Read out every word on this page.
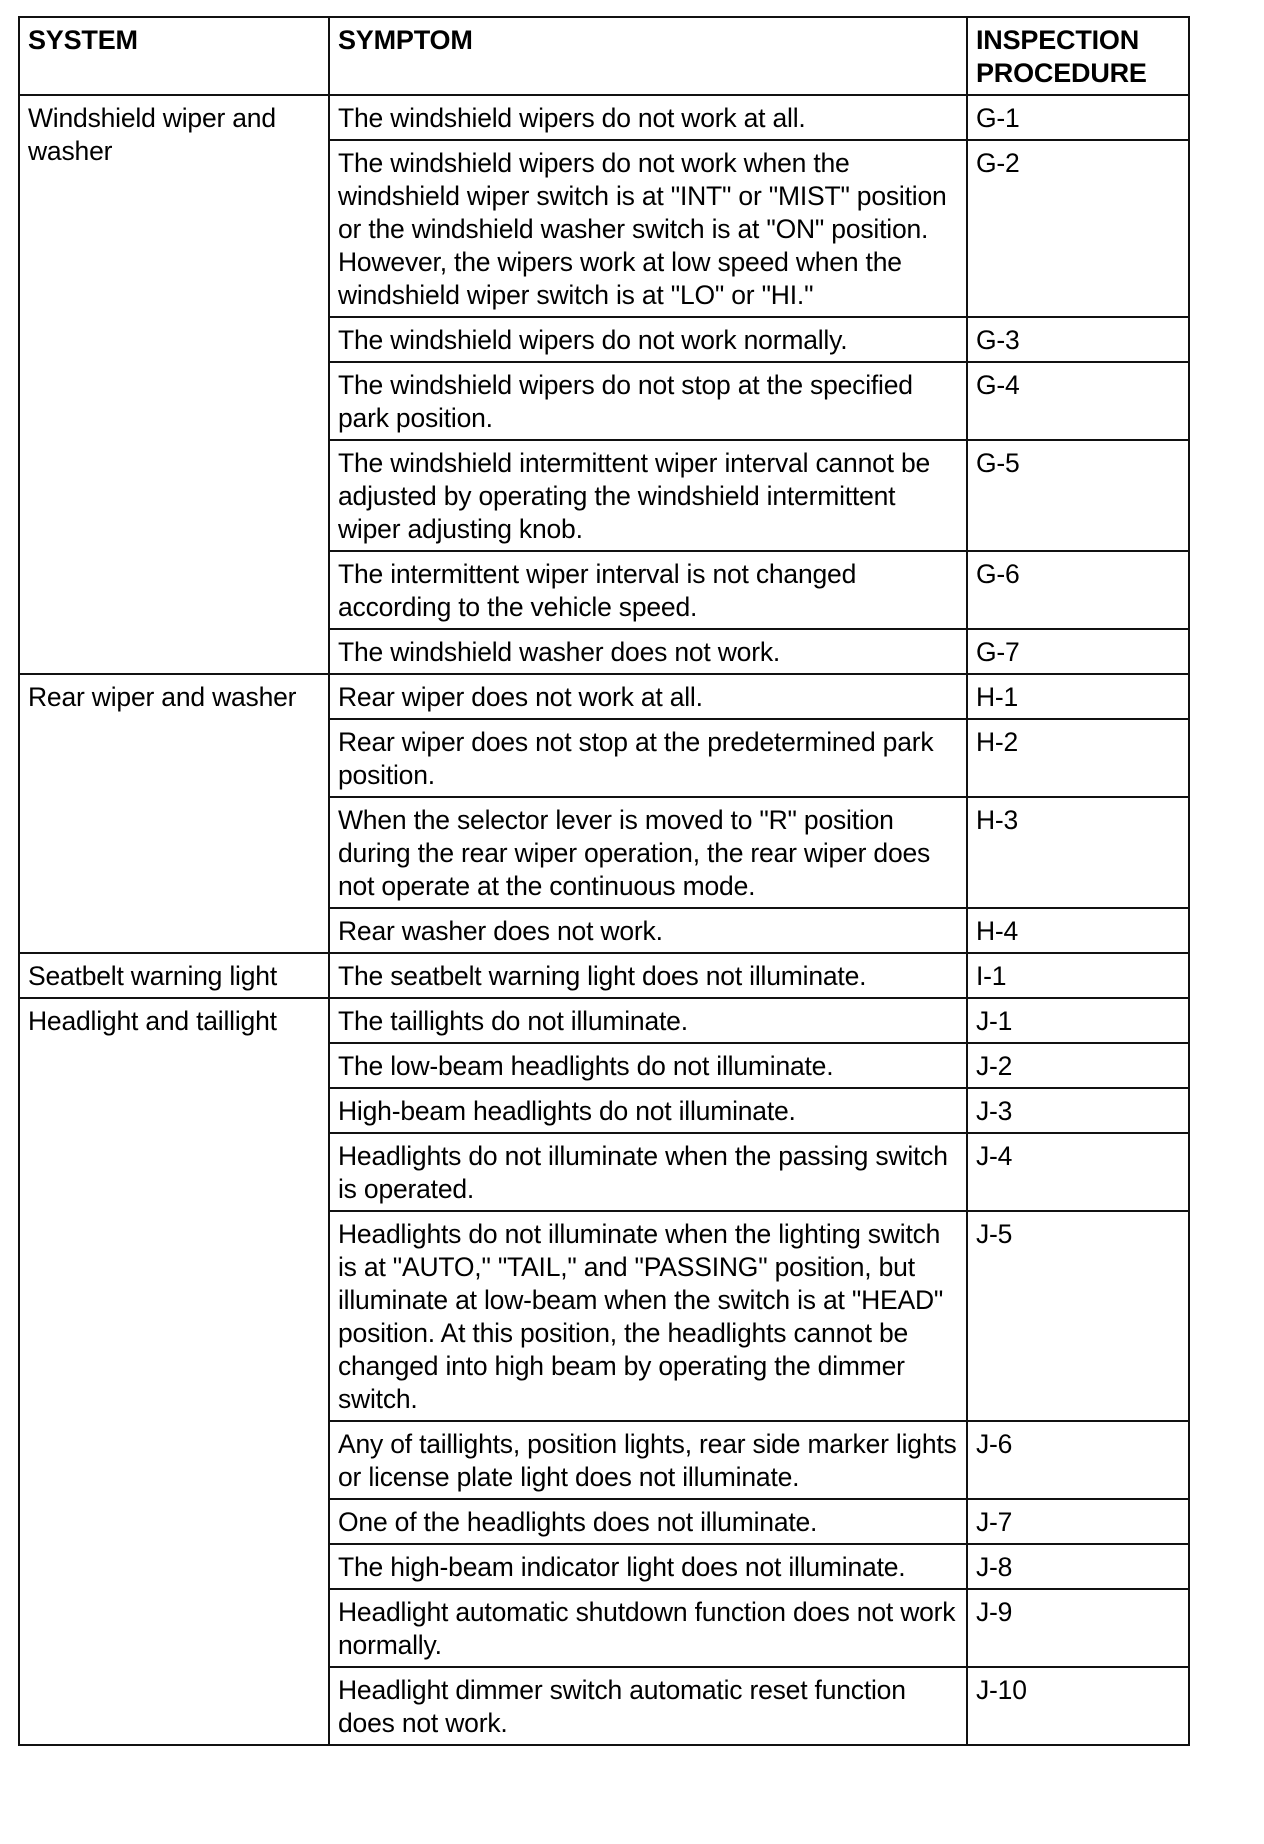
SYSTEM	SYMPTOM	INSPECTION PROCEDURE
Windshield wiper and washer	The windshield wipers do not work at all.	G-1
	The windshield wipers do not work when the windshield wiper switch is at "INT" or "MIST" position or the windshield washer switch is at "ON" position. However, the wipers work at low speed when the windshield wiper switch is at "LO" or "HI."	G-2
	The windshield wipers do not work normally.	G-3
	The windshield wipers do not stop at the specified park position.	G-4
	The windshield intermittent wiper interval cannot be adjusted by operating the windshield intermittent wiper adjusting knob.	G-5
	The intermittent wiper interval is not changed according to the vehicle speed.	G-6
	The windshield washer does not work.	G-7
Rear wiper and washer	Rear wiper does not work at all.	H-1
	Rear wiper does not stop at the predetermined park position.	H-2
	When the selector lever is moved to "R" position during the rear wiper operation, the rear wiper does not operate at the continuous mode.	H-3
	Rear washer does not work.	H-4
Seatbelt warning light	The seatbelt warning light does not illuminate.	I-1
Headlight and taillight	The taillights do not illuminate.	J-1
	The low-beam headlights do not illuminate.	J-2
	High-beam headlights do not illuminate.	J-3
	Headlights do not illuminate when the passing switch is operated.	J-4
	Headlights do not illuminate when the lighting switch is at "AUTO," "TAIL," and "PASSING" position, but illuminate at low-beam when the switch is at "HEAD" position. At this position, the headlights cannot be changed into high beam by operating the dimmer switch.	J-5
	Any of taillights, position lights, rear side marker lights or license plate light does not illuminate.	J-6
	One of the headlights does not illuminate.	J-7
	The high-beam indicator light does not illuminate.	J-8
	Headlight automatic shutdown function does not work normally.	J-9
	Headlight dimmer switch automatic reset function does not work.	J-10
